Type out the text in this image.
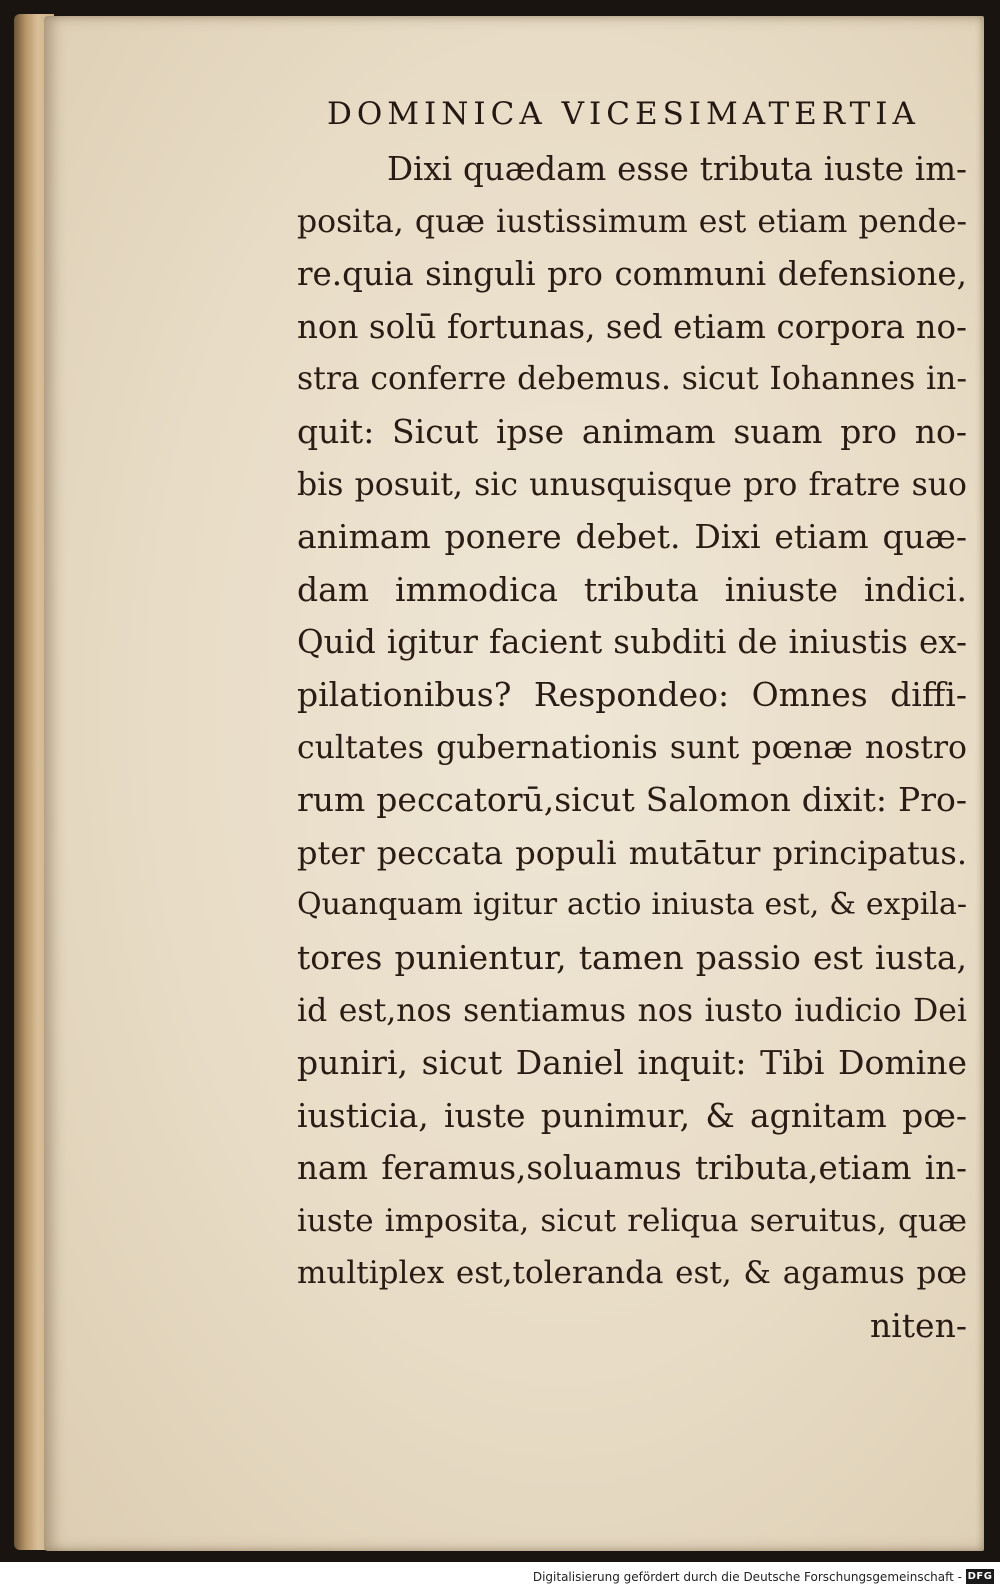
DOMINICA VICESIMATERTIA
Dixi quædam esse tributa iuste im-
posita, quæ iustissimum est etiam pende-
re.quia singuli pro communi defensione,
non solū fortunas, sed etiam corpora no-
stra conferre debemus. sicut Iohannes in-
quit: Sicut ipse animam suam pro no-
bis posuit, sic unusquisque pro fratre suo
animam ponere debet. Dixi etiam quæ-
dam immodica tributa iniuste indici.
Quid igitur facient subditi de iniustis ex-
pilationibus? Respondeo: Omnes diffi-
cultates gubernationis sunt pœnæ nostro
rum peccatorū,sicut Salomon dixit: Pro-
pter peccata populi mutātur principatus.
Quanquam igitur actio iniusta est, & expila-
tores punientur, tamen passio est iusta,
id est,nos sentiamus nos iusto iudicio Dei
puniri, sicut Daniel inquit: Tibi Domine
iusticia, iuste punimur, & agnitam pœ-
nam feramus,soluamus tributa,etiam in-
iuste imposita, sicut reliqua seruitus, quæ
multiplex est,toleranda est, & agamus pœ
niten-
Digitalisierung gefördert durch die Deutsche Forschungsgemeinschaft - DFG
